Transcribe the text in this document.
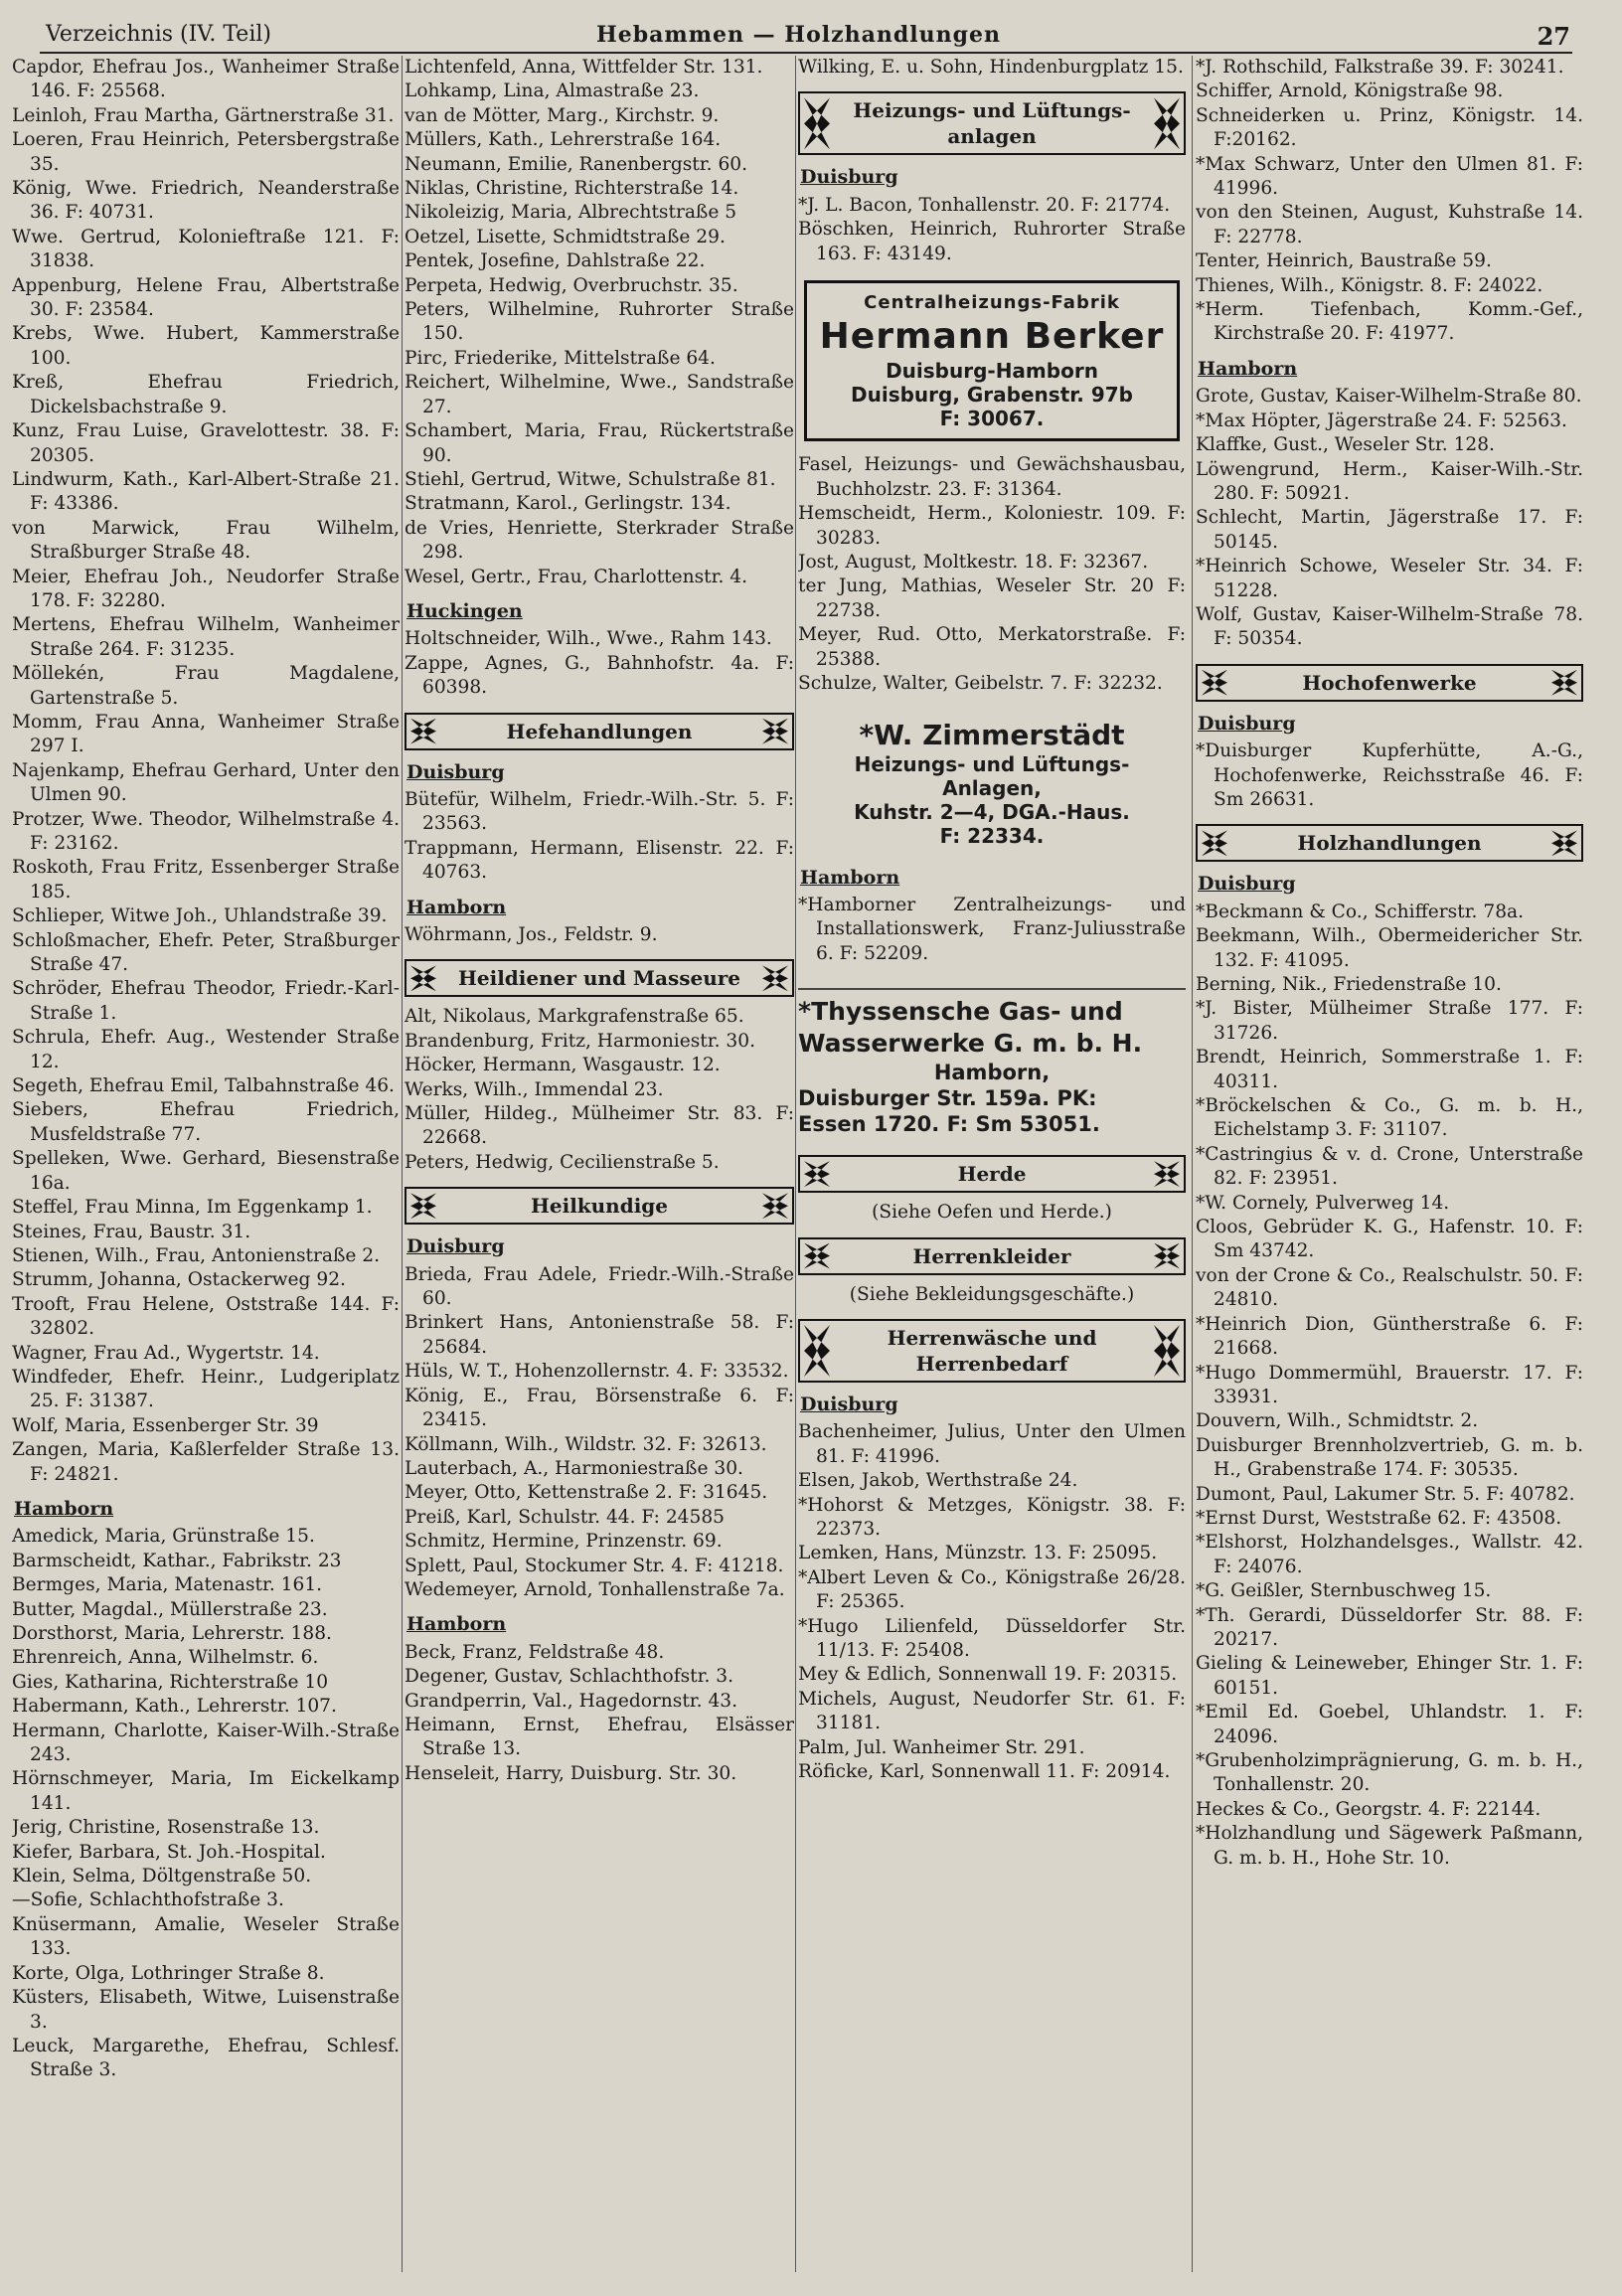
Verzeichnis (IV. Teil)	Hebammen — Holzhandlungen	27
Capdor, Ehefrau Jos., Wanheimer Straße 146. F: 25568.
Leinloh, Frau Martha, Gärtnerstraße 31.
Loeren, Frau Heinrich, Petersbergstraße 35.
König, Wwe. Friedrich, Neanderstraße 36. F: 40731.
Wwe. Gertrud, Kolonieftraße 121. F: 31838.
Appenburg, Helene Frau, Albertstraße 30. F: 23584.
Krebs, Wwe. Hubert, Kammerstraße 100.
Kreß, Ehefrau Friedrich, Dickelsbachstraße 9.
Kunz, Frau Luise, Gravelottestr. 38. F: 20305.
Lindwurm, Kath., Karl-Albert-Straße 21. F: 43386.
von Marwick, Frau Wilhelm, Straßburger Straße 48.
Meier, Ehefrau Joh., Neudorfer Straße 178. F: 32280.
Mertens, Ehefrau Wilhelm, Wanheimer Straße 264. F: 31235.
Möllekén, Frau Magdalene, Gartenstraße 5.
Momm, Frau Anna, Wanheimer Straße 297 I.
Najenkamp, Ehefrau Gerhard, Unter den Ulmen 90.
Protzer, Wwe. Theodor, Wilhelmstraße 4. F: 23162.
Roskoth, Frau Fritz, Essenberger Straße 185.
Schlieper, Witwe Joh., Uhlandstraße 39.
Schloßmacher, Ehefr. Peter, Straßburger Straße 47.
Schröder, Ehefrau Theodor, Friedr.-Karl-Straße 1.
Schrula, Ehefr. Aug., Westender Straße 12.
Segeth, Ehefrau Emil, Talbahnstraße 46.
Siebers, Ehefrau Friedrich, Musfeldstraße 77.
Spelleken, Wwe. Gerhard, Biesenstraße 16a.
Steffel, Frau Minna, Im Eggenkamp 1.
Steines, Frau, Baustr. 31.
Stienen, Wilh., Frau, Antonienstraße 2.
Strumm, Johanna, Ostackerweg 92.
Trooft, Frau Helene, Oststraße 144. F: 32802.
Wagner, Frau Ad., Wygertstr. 14.
Windfeder, Ehefr. Heinr., Ludgeriplatz 25. F: 31387.
Wolf, Maria, Essenberger Str. 39
Zangen, Maria, Kaßlerfelder Straße 13. F: 24821.
Hamborn
Amedick, Maria, Grünstraße 15.
Barmscheidt, Kathar., Fabrikstr. 23
Bermges, Maria, Matenastr. 161.
Butter, Magdal., Müllerstraße 23.
Dorsthorst, Maria, Lehrerstr. 188.
Ehrenreich, Anna, Wilhelmstr. 6.
Gies, Katharina, Richterstraße 10
Habermann, Kath., Lehrerstr. 107.
Hermann, Charlotte, Kaiser-Wilh.-Straße 243.
Hörnschmeyer, Maria, Im Eickelkamp 141.
Jerig, Christine, Rosenstraße 13.
Kiefer, Barbara, St. Joh.-Hospital.
Klein, Selma, Döltgenstraße 50.
—Sofie, Schlachthofstraße 3.
Knüsermann, Amalie, Weseler Straße 133.
Korte, Olga, Lothringer Straße 8.
Küsters, Elisabeth, Witwe, Luisenstraße 3.
Leuck, Margarethe, Ehefrau, Schlesf. Straße 3.
Lichtenfeld, Anna, Wittfelder Str. 131.
Lohkamp, Lina, Almastraße 23.
van de Mötter, Marg., Kirchstr. 9.
Müllers, Kath., Lehrerstraße 164.
Neumann, Emilie, Ranenbergstr. 60.
Niklas, Christine, Richterstraße 14.
Nikoleizig, Maria, Albrechtstraße 5
Oetzel, Lisette, Schmidtstraße 29.
Pentek, Josefine, Dahlstraße 22.
Perpeta, Hedwig, Overbruchstr. 35.
Peters, Wilhelmine, Ruhrorter Straße 150.
Pirc, Friederike, Mittelstraße 64.
Reichert, Wilhelmine, Wwe., Sandstraße 27.
Schambert, Maria, Frau, Rückertstraße 90.
Stiehl, Gertrud, Witwe, Schulstraße 81.
Stratmann, Karol., Gerlingstr. 134.
de Vries, Henriette, Sterkrader Straße 298.
Wesel, Gertr., Frau, Charlottenstr. 4.
Huckingen
Holtschneider, Wilh., Wwe., Rahm 143.
Zappe, Agnes, G., Bahnhofstr. 4a. F: 60398.
Hefehandlungen
Duisburg
Bütefür, Wilhelm, Friedr.-Wilh.-Str. 5. F: 23563.
Trappmann, Hermann, Elisenstr. 22. F: 40763.
Hamborn
Wöhrmann, Jos., Feldstr. 9.
Heildiener und Masseure
Alt, Nikolaus, Markgrafenstraße 65.
Brandenburg, Fritz, Harmoniestr. 30.
Höcker, Hermann, Wasgaustr. 12.
Werks, Wilh., Immendal 23.
Müller, Hildeg., Mülheimer Str. 83. F: 22668.
Peters, Hedwig, Cecilienstraße 5.
Heilkundige
Duisburg
Brieda, Frau Adele, Friedr.-Wilh.-Straße 60.
Brinkert Hans, Antonienstraße 58. F: 25684.
Hüls, W. T., Hohenzollernstr. 4. F: 33532.
König, E., Frau, Börsenstraße 6. F: 23415.
Köllmann, Wilh., Wildstr. 32. F: 32613.
Lauterbach, A., Harmoniestraße 30.
Meyer, Otto, Kettenstraße 2. F: 31645.
Preiß, Karl, Schulstr. 44. F: 24585
Schmitz, Hermine, Prinzenstr. 69.
Splett, Paul, Stockumer Str. 4. F: 41218.
Wedemeyer, Arnold, Tonhallenstraße 7a.
Hamborn
Beck, Franz, Feldstraße 48.
Degener, Gustav, Schlachthofstr. 3.
Grandperrin, Val., Hagedornstr. 43.
Heimann, Ernst, Ehefrau, Elsässer Straße 13.
Henseleit, Harry, Duisburg. Str. 30.
Wilking, E. u. Sohn, Hindenburgplatz 15.
Heizungs- und Lüftungs-
anlagen
Duisburg
*J. L. Bacon, Tonhallenstr. 20. F: 21774.
Böschken, Heinrich, Ruhrorter Straße 163. F: 43149.
Centralheizungs-Fabrik
Hermann Berker
Duisburg-Hamborn
Duisburg, Grabenstr. 97b
F: 30067.
Fasel, Heizungs- und Gewächshausbau, Buchholzstr. 23. F: 31364.
Hemscheidt, Herm., Koloniestr. 109. F: 30283.
Jost, August, Moltkestr. 18. F: 32367.
ter Jung, Mathias, Weseler Str. 20 F: 22738.
Meyer, Rud. Otto, Merkatorstraße. F: 25388.
Schulze, Walter, Geibelstr. 7. F: 32232.
*W. Zimmerstädt
Heizungs- und Lüftungs-
Anlagen,
Kuhstr. 2—4, DGA.-Haus.
F: 22334.
Hamborn
*Hamborner Zentralheizungs- und Installationswerk, Franz-Juliusstraße 6. F: 52209.
*Thyssensche Gas- und
Wasserwerke G. m. b. H.
Hamborn,
Duisburger Str. 159a. PK:
Essen 1720. F: Sm 53051.
Herde
(Siehe Oefen und Herde.)
Herrenkleider
(Siehe Bekleidungsgeschäfte.)
Herrenwäsche und
Herrenbedarf
Duisburg
Bachenheimer, Julius, Unter den Ulmen 81. F: 41996.
Elsen, Jakob, Werthstraße 24.
*Hohorst & Metzges, Königstr. 38. F: 22373.
Lemken, Hans, Münzstr. 13. F: 25095.
*Albert Leven & Co., Königstraße 26/28. F: 25365.
*Hugo Lilienfeld, Düsseldorfer Str. 11/13. F: 25408.
Mey & Edlich, Sonnenwall 19. F: 20315.
Michels, August, Neudorfer Str. 61. F: 31181.
Palm, Jul. Wanheimer Str. 291.
Röficke, Karl, Sonnenwall 11. F: 20914.
*J. Rothschild, Falkstraße 39. F: 30241.
Schiffer, Arnold, Königstraße 98.
Schneiderken u. Prinz, Königstr. 14. F:20162.
*Max Schwarz, Unter den Ulmen 81. F: 41996.
von den Steinen, August, Kuhstraße 14. F: 22778.
Tenter, Heinrich, Baustraße 59.
Thienes, Wilh., Königstr. 8. F: 24022.
*Herm. Tiefenbach, Komm.-Gef., Kirchstraße 20. F: 41977.
Hamborn
Grote, Gustav, Kaiser-Wilhelm-Straße 80.
*Max Höpter, Jägerstraße 24. F: 52563.
Klaffke, Gust., Weseler Str. 128.
Löwengrund, Herm., Kaiser-Wilh.-Str. 280. F: 50921.
Schlecht, Martin, Jägerstraße 17. F: 50145.
*Heinrich Schowe, Weseler Str. 34. F: 51228.
Wolf, Gustav, Kaiser-Wilhelm-Straße 78. F: 50354.
Hochofenwerke
Duisburg
*Duisburger Kupferhütte, A.-G., Hochofenwerke, Reichsstraße 46. F: Sm 26631.
Holzhandlungen
Duisburg
*Beckmann & Co., Schifferstr. 78a.
Beekmann, Wilh., Obermeidericher Str. 132. F: 41095.
Berning, Nik., Friedenstraße 10.
*J. Bister, Mülheimer Straße 177. F: 31726.
Brendt, Heinrich, Sommerstraße 1. F: 40311.
*Bröckelschen & Co., G. m. b. H., Eichelstamp 3. F: 31107.
*Castringius & v. d. Crone, Unterstraße 82. F: 23951.
*W. Cornely, Pulverweg 14.
Cloos, Gebrüder K. G., Hafenstr. 10. F: Sm 43742.
von der Crone & Co., Realschulstr. 50. F: 24810.
*Heinrich Dion, Güntherstraße 6. F: 21668.
*Hugo Dommermühl, Brauerstr. 17. F: 33931.
Douvern, Wilh., Schmidtstr. 2.
Duisburger Brennholzvertrieb, G. m. b. H., Grabenstraße 174. F: 30535.
Dumont, Paul, Lakumer Str. 5. F: 40782.
*Ernst Durst, Weststraße 62. F: 43508.
*Elshorst, Holzhandelsges., Wallstr. 42. F: 24076.
*G. Geißler, Sternbuschweg 15.
*Th. Gerardi, Düsseldorfer Str. 88. F: 20217.
Gieling & Leineweber, Ehinger Str. 1. F: 60151.
*Emil Ed. Goebel, Uhlandstr. 1. F: 24096.
*Grubenholzimprägnierung, G. m. b. H., Tonhallenstr. 20.
Heckes & Co., Georgstr. 4. F: 22144.
*Holzhandlung und Sägewerk Paßmann, G. m. b. H., Hohe Str. 10.
